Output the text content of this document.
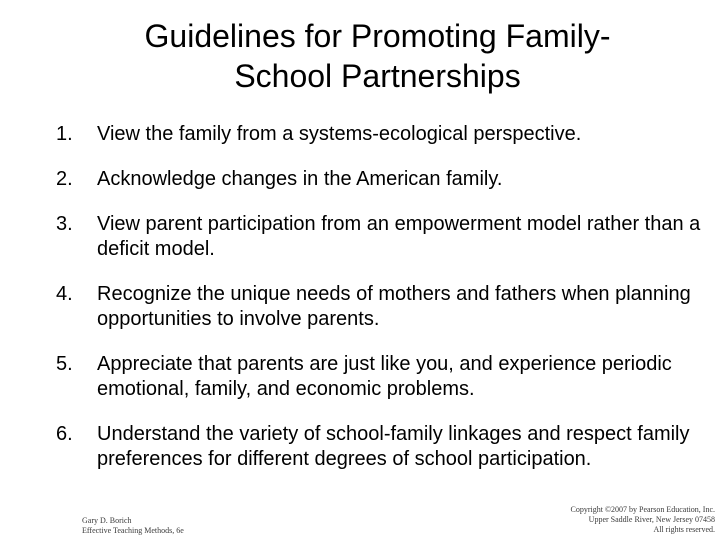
Guidelines for Promoting Family-
School Partnerships
1.	View the family from a systems-ecological perspective.
2.	Acknowledge changes in the American family.
3.	View parent participation from an empowerment model rather than a deficit model.
4.	Recognize the unique needs of mothers and fathers when planning opportunities to involve parents.
5.	Appreciate that parents are just like you, and experience periodic emotional, family, and economic problems.
6.	Understand the variety of school-family linkages and respect family preferences for different degrees of school participation.
Gary D. Borich
Effective Teaching Methods, 6e
Copyright ©2007 by Pearson Education, Inc.
Upper Saddle River, New Jersey 07458
All rights reserved.
